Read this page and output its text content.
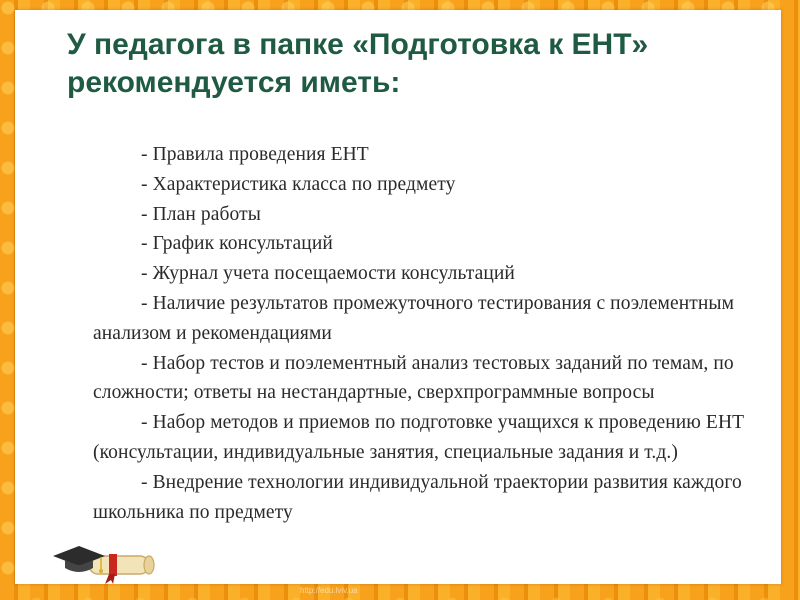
У педагога в папке «Подготовка к ЕНТ» рекомендуется иметь:
- Правила проведения ЕНТ
- Характеристика класса по предмету
- План работы
- График консультаций
- Журнал учета посещаемости консультаций
- Наличие результатов промежуточного тестирования с поэлементным
анализом и рекомендациями
- Набор тестов и поэлементный анализ тестовых заданий по темам, по
сложности; ответы на нестандартные, сверхпрограммные вопросы
- Набор методов и приемов по подготовке учащихся к проведению ЕНТ
(консультации, индивидуальные занятия, специальные задания и т.д.)
- Внедрение технологии индивидуальной траектории развития каждого
школьника по предмету
http://edu.lviv.ua
